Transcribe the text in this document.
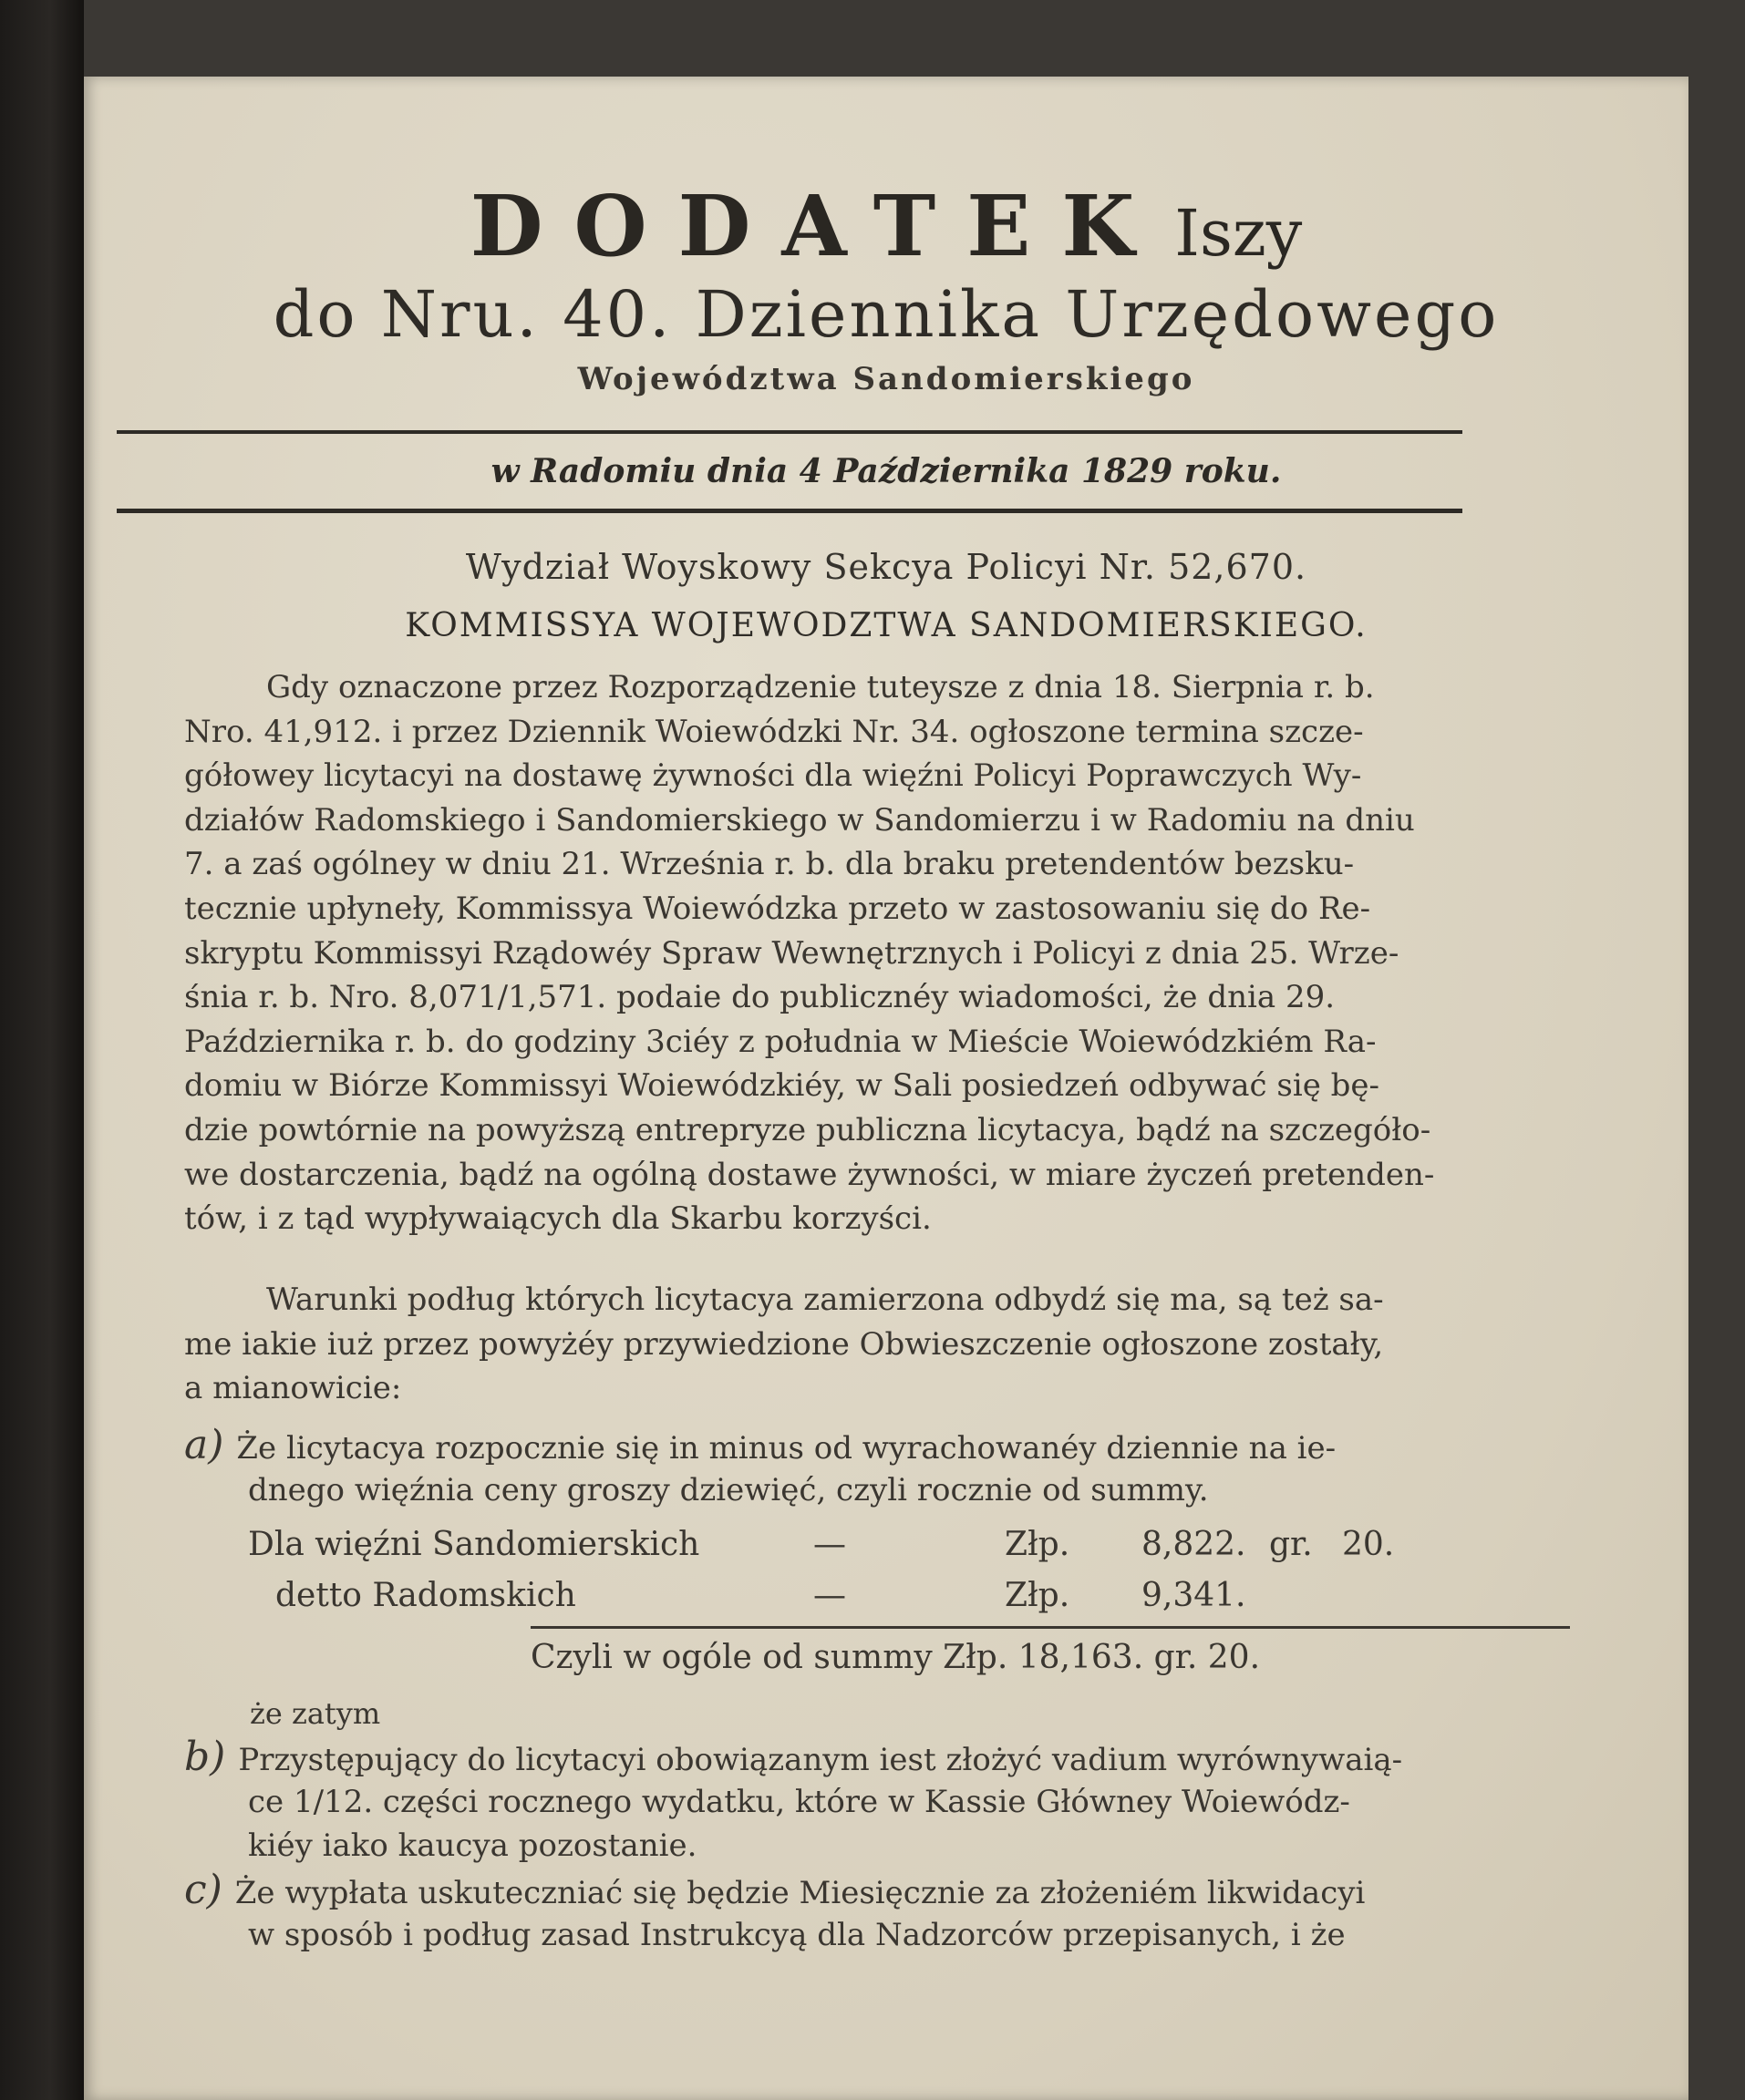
DODATEK Iszy
do Nru. 40. Dziennika Urzędowego
Województwa Sandomierskiego
w Radomiu dnia 4 Października 1829 roku.
Wydział Woyskowy Sekcya Policyi Nr. 52,670.
KOMMISSYA WOJEWODZTWA SANDOMIERSKIEGO.
Gdy oznaczone przez Rozporządzenie tuteysze z dnia 18. Sierpnia r. b.
Nro. 41,912. i przez Dziennik Woiewódzki Nr. 34. ogłoszone termina szcze-
gółowey licytacyi na dostawę żywności dla więźni Policyi Poprawczych Wy-
działów Radomskiego i Sandomierskiego w Sandomierzu i w Radomiu na dniu
7. a zaś ogólney w dniu 21. Września r. b. dla braku pretendentów bezsku-
tecznie upłyneły, Kommissya Woiewódzka przeto w zastosowaniu się do Re-
skryptu Kommissyi Rządowéy Spraw Wewnętrznych i Policyi z dnia 25. Wrze-
śnia r. b. Nro. 8,071/1,571. podaie do publicznéy wiadomości, że dnia 29.
Października r. b. do godziny 3ciéy z południa w Mieście Woiewódzkiém Ra-
domiu w Biórze Kommissyi Woiewódzkiéy, w Sali posiedzeń odbywać się bę-
dzie powtórnie na powyższą entrepryze publiczna licytacya, bądź na szczegóło-
we dostarczenia, bądź na ogólną dostawe żywności, w miare życzeń pretenden-
tów, i z tąd wypływaiących dla Skarbu korzyści.
Warunki podług których licytacya zamierzona odbydź się ma, są też sa-
me iakie iuż przez powyżéy przywiedzione Obwieszczenie ogłoszone zostały,
a mianowicie:
a) Że licytacya rozpocznie się in minus od wyrachowanéy dziennie na ie-
dnego więźnia ceny groszy dziewięć, czyli rocznie od summy.
Dla więźni Sandomierskich	—	Złp. 8,822. gr. 20.
detto Radomskich	—	Złp. 9,341.
Czyli w ogóle od summy Złp. 18,163. gr. 20.
że zatym
b) Przystępujący do licytacyi obowiązanym iest złożyć vadium wyrównywaią-
ce 1/12. części rocznego wydatku, które w Kassie Główney Woiewódz-
kiéy iako kaucya pozostanie.
c) Że wypłata uskuteczniać się będzie Miesięcznie za złożeniém likwidacyi
w sposób i podług zasad Instrukcyą dla Nadzorców przepisanych, i że
